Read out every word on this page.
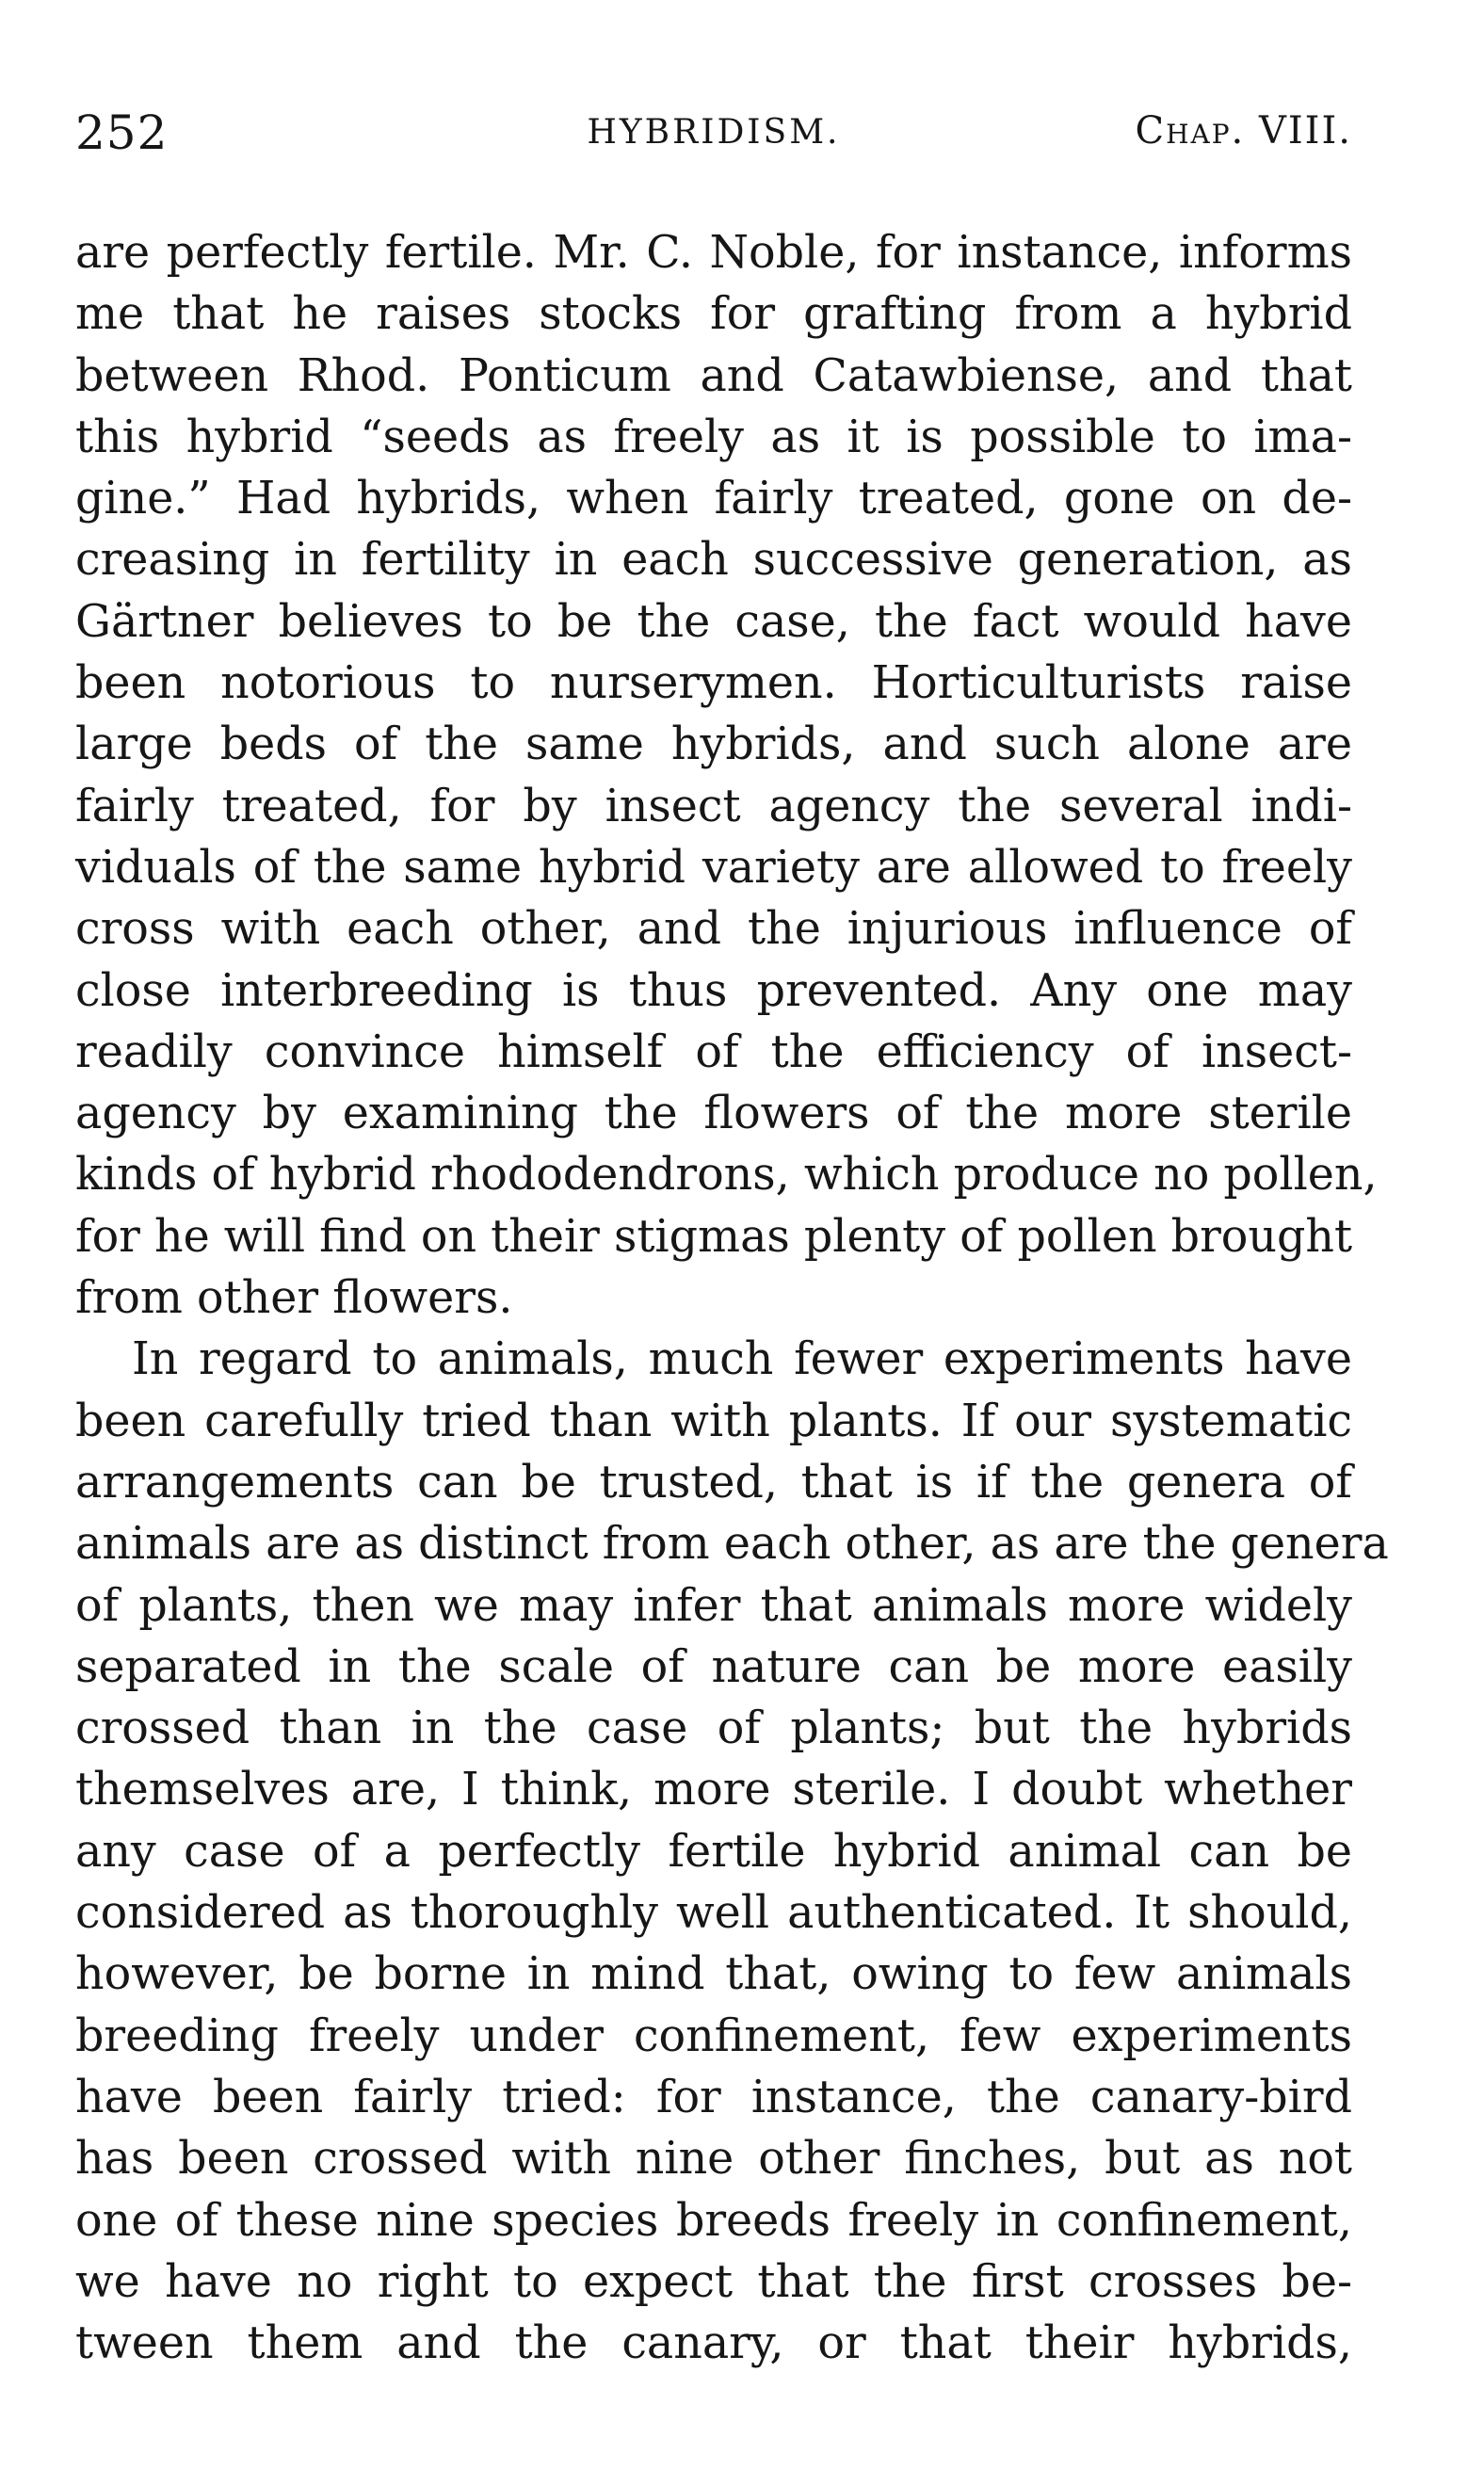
252	HYBRIDISM.	Chap. VIII.
are perfectly fertile. Mr. C. Noble, for instance, informs
me that he raises stocks for grafting from a hybrid
between Rhod. Ponticum and Catawbiense, and that
this hybrid “seeds as freely as it is possible to ima-
gine.” Had hybrids, when fairly treated, gone on de-
creasing in fertility in each successive generation, as
Gärtner believes to be the case, the fact would have
been notorious to nurserymen. Horticulturists raise
large beds of the same hybrids, and such alone are
fairly treated, for by insect agency the several indi-
viduals of the same hybrid variety are allowed to freely
cross with each other, and the injurious influence of
close interbreeding is thus prevented. Any one may
readily convince himself of the efficiency of insect-
agency by examining the flowers of the more sterile
kinds of hybrid rhododendrons, which produce no pollen,
for he will find on their stigmas plenty of pollen brought
from other flowers.
In regard to animals, much fewer experiments have
been carefully tried than with plants. If our systematic
arrangements can be trusted, that is if the genera of
animals are as distinct from each other, as are the genera
of plants, then we may infer that animals more widely
separated in the scale of nature can be more easily
crossed than in the case of plants; but the hybrids
themselves are, I think, more sterile. I doubt whether
any case of a perfectly fertile hybrid animal can be
considered as thoroughly well authenticated. It should,
however, be borne in mind that, owing to few animals
breeding freely under confinement, few experiments
have been fairly tried: for instance, the canary-bird
has been crossed with nine other finches, but as not
one of these nine species breeds freely in confinement,
we have no right to expect that the first crosses be-
tween them and the canary, or that their hybrids,
